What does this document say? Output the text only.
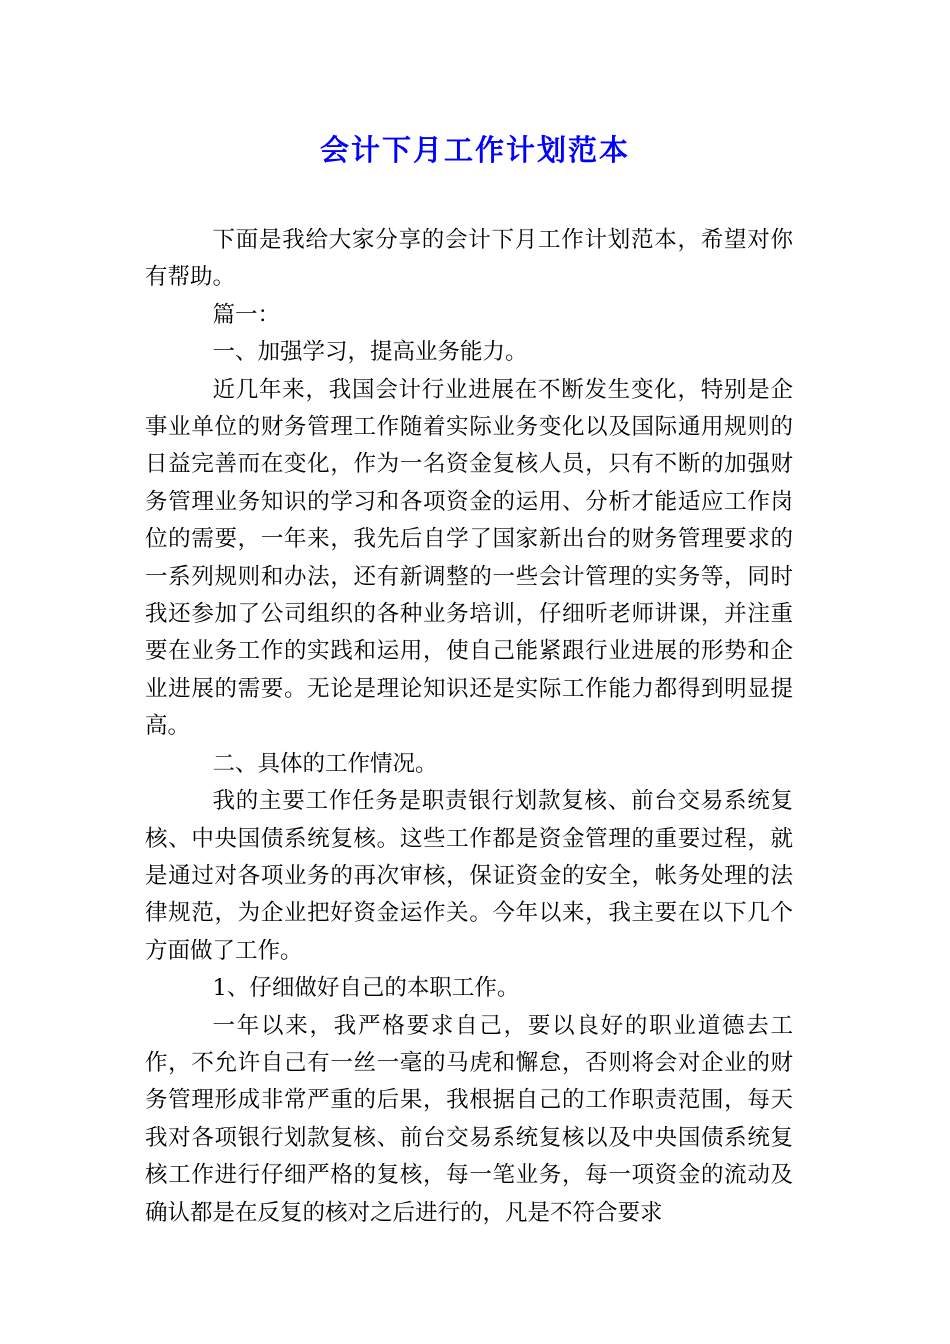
会计下月工作计划范本

下面是我给大家分享的会计下月工作计划范本，希望对你有帮助。

篇一：

一、加强学习，提高业务能力。

近几年来，我国会计行业进展在不断发生变化，特别是企事业单位的财务管理工作随着实际业务变化以及国际通用规则的日益完善而在变化，作为一名资金复核人员，只有不断的加强财务管理业务知识的学习和各项资金的运用、分析才能适应工作岗位的需要，一年来，我先后自学了国家新出台的财务管理要求的一系列规则和办法，还有新调整的一些会计管理的实务等，同时我还参加了公司组织的各种业务培训，仔细听老师讲课，并注重要在业务工作的实践和运用，使自己能紧跟行业进展的形势和企业进展的需要。无论是理论知识还是实际工作能力都得到明显提高。

二、具体的工作情况。

我的主要工作任务是职责银行划款复核、前台交易系统复核、中央国债系统复核。这些工作都是资金管理的重要过程，就是通过对各项业务的再次审核，保证资金的安全，帐务处理的法律规范，为企业把好资金运作关。今年以来，我主要在以下几个方面做了工作。

1、仔细做好自己的本职工作。

一年以来，我严格要求自己，要以良好的职业道德去工作，不允许自己有一丝一毫的马虎和懈怠，否则将会对企业的财务管理形成非常严重的后果，我根据自己的工作职责范围，每天我对各项银行划款复核、前台交易系统复核以及中央国债系统复核工作进行仔细严格的复核，每一笔业务，每一项资金的流动及确认都是在反复的核对之后进行的，凡是不符合要求
